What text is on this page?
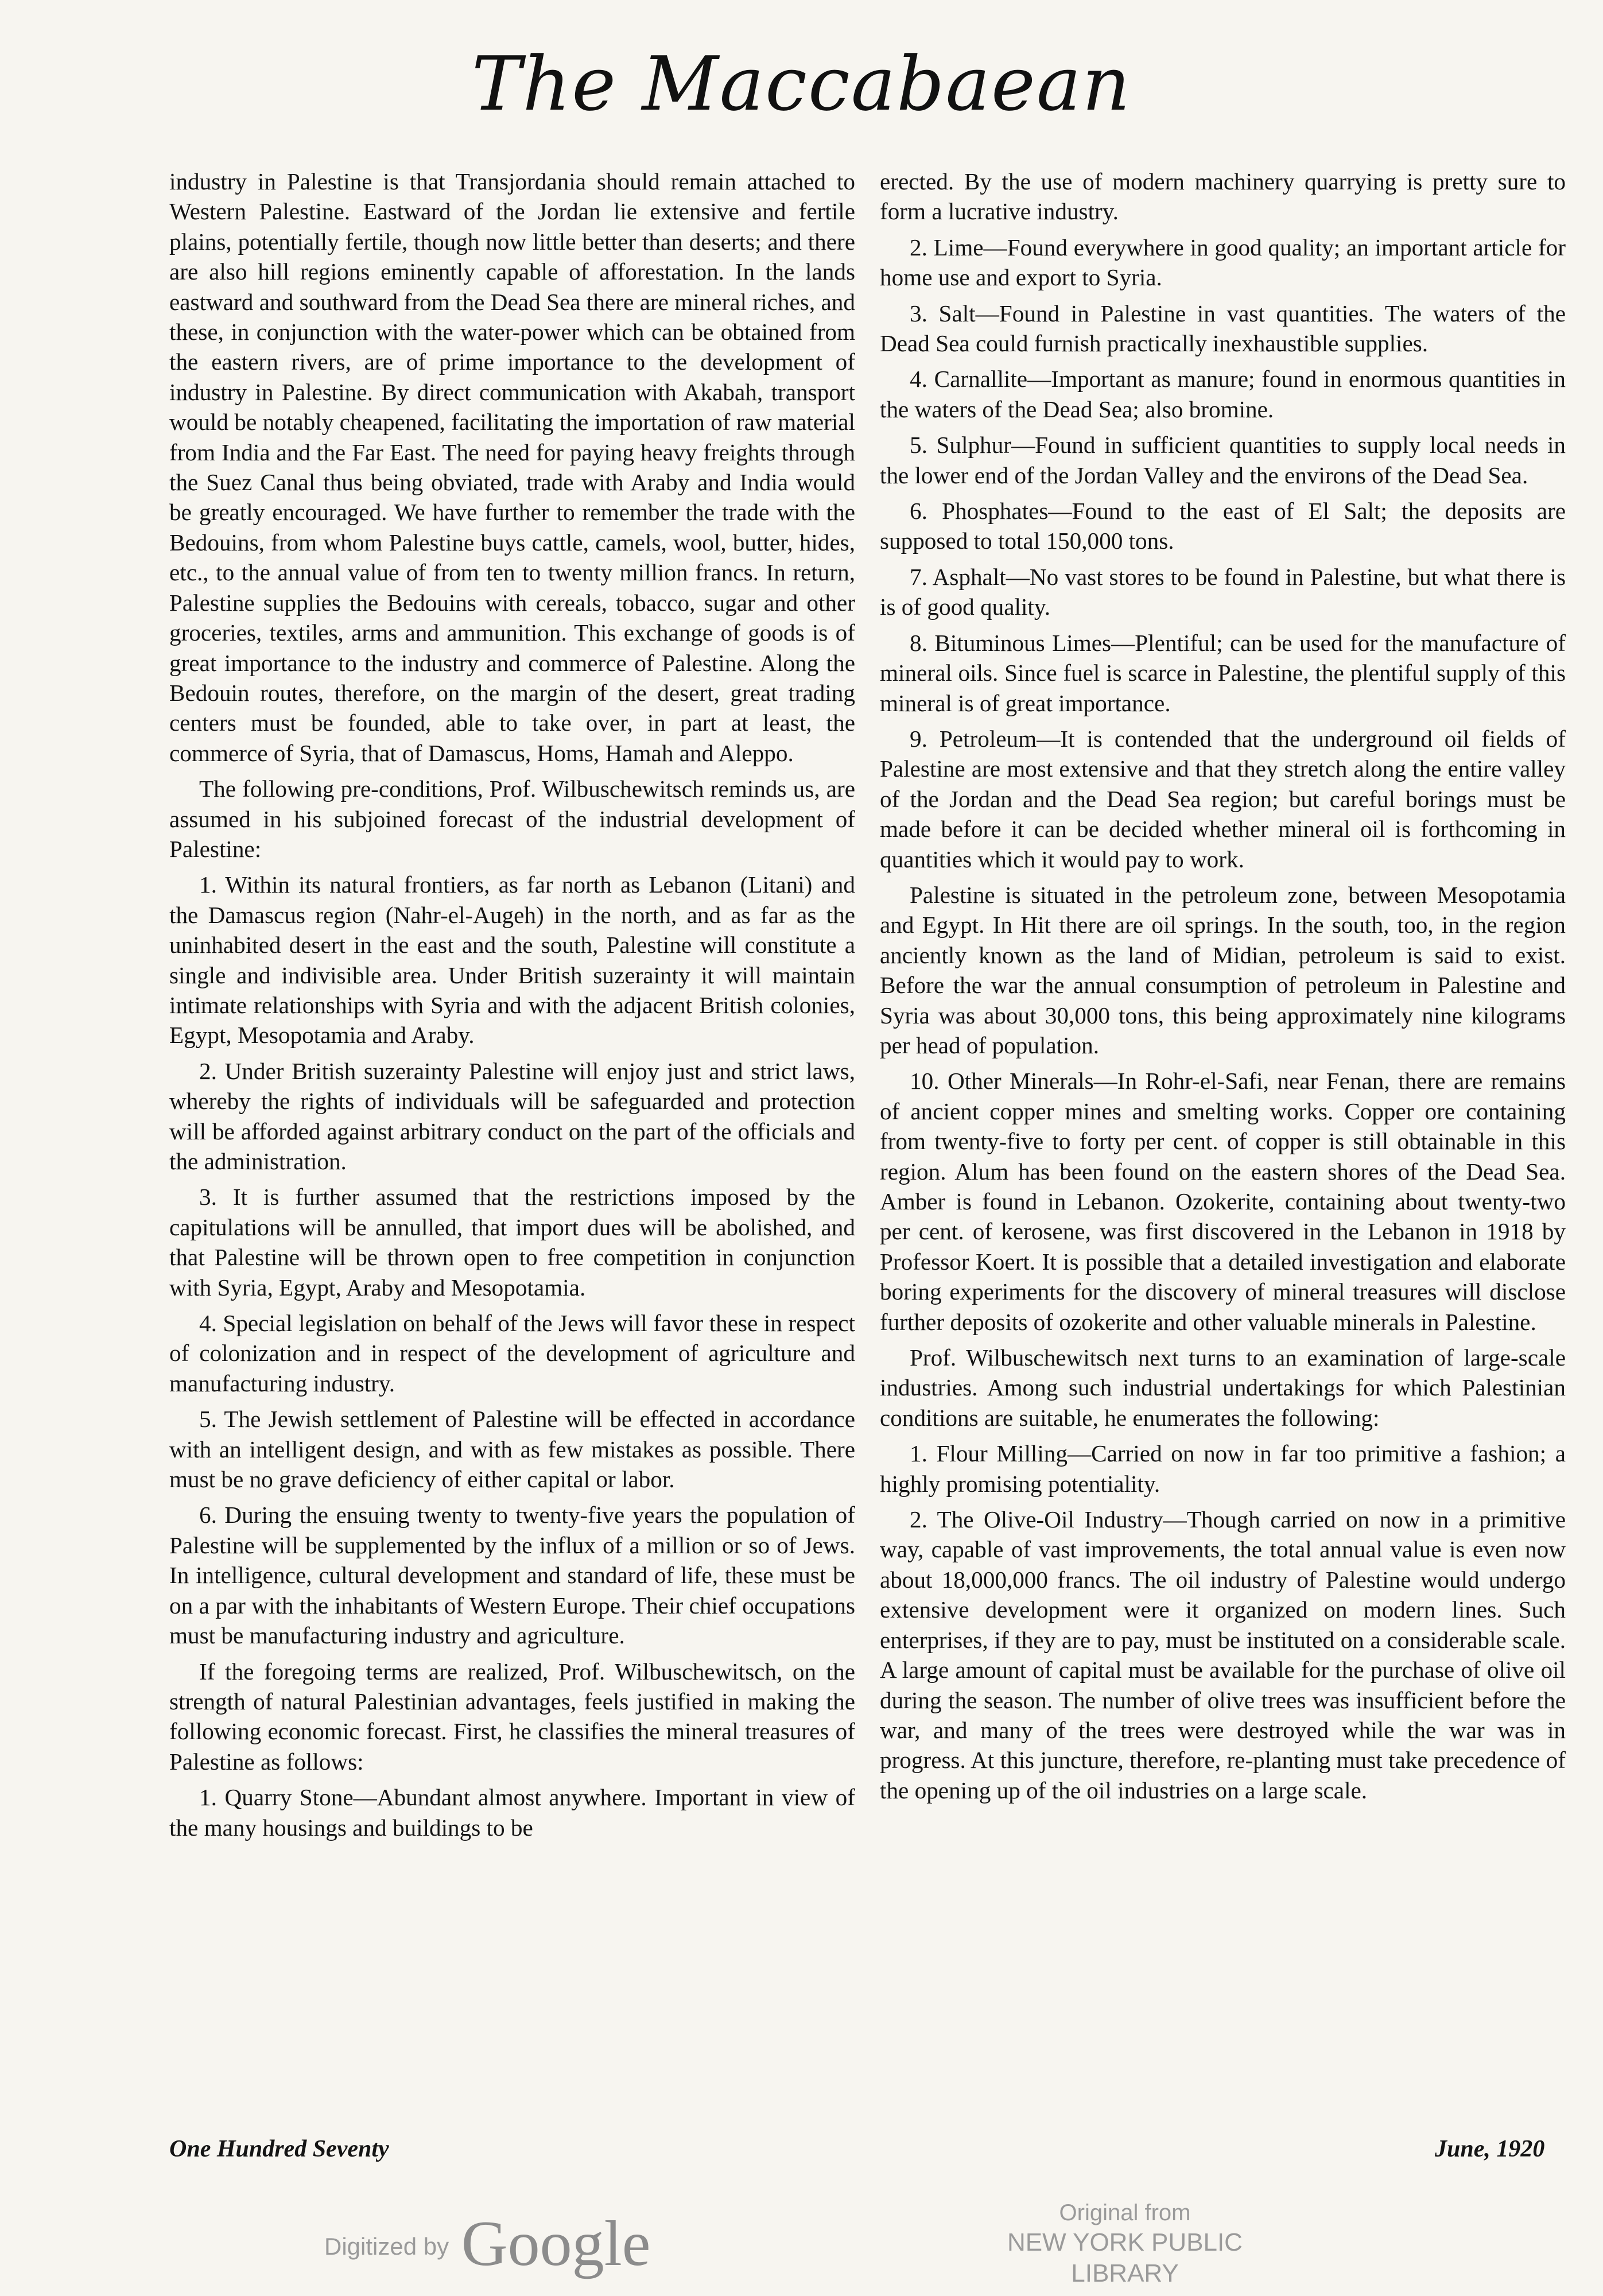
The Maccabaean

industry in Palestine is that Transjordania should remain attached to Western Palestine. Eastward of the Jordan lie extensive and fertile plains, potentially fertile, though now little better than deserts; and there are also hill regions eminently capable of afforestation. In the lands eastward and southward from the Dead Sea there are mineral riches, and these, in conjunction with the water-power which can be obtained from the eastern rivers, are of prime importance to the development of industry in Palestine. By direct communication with Akabah, transport would be notably cheapened, facilitating the importation of raw material from India and the Far East. The need for paying heavy freights through the Suez Canal thus being obviated, trade with Araby and India would be greatly encouraged. We have further to remember the trade with the Bedouins, from whom Palestine buys cattle, camels, wool, butter, hides, etc., to the annual value of from ten to twenty million francs. In return, Palestine supplies the Bedouins with cereals, tobacco, sugar and other groceries, textiles, arms and ammunition. This exchange of goods is of great importance to the industry and commerce of Palestine. Along the Bedouin routes, therefore, on the margin of the desert, great trading centers must be founded, able to take over, in part at least, the commerce of Syria, that of Damascus, Homs, Hamah and Aleppo.

The following pre-conditions, Prof. Wilbuschewitsch reminds us, are assumed in his subjoined forecast of the industrial development of Palestine:

1. Within its natural frontiers, as far north as Lebanon (Litani) and the Damascus region (Nahr-el-Augeh) in the north, and as far as the uninhabited desert in the east and the south, Palestine will constitute a single and indivisible area. Under British suzerainty it will maintain intimate relationships with Syria and with the adjacent British colonies, Egypt, Mesopotamia and Araby.

2. Under British suzerainty Palestine will enjoy just and strict laws, whereby the rights of individuals will be safeguarded and protection will be afforded against arbitrary conduct on the part of the officials and the administration.

3. It is further assumed that the restrictions imposed by the capitulations will be annulled, that import dues will be abolished, and that Palestine will be thrown open to free competition in conjunction with Syria, Egypt, Araby and Mesopotamia.

4. Special legislation on behalf of the Jews will favor these in respect of colonization and in respect of the development of agriculture and manufacturing industry.

5. The Jewish settlement of Palestine will be effected in accordance with an intelligent design, and with as few mistakes as possible. There must be no grave deficiency of either capital or labor.

6. During the ensuing twenty to twenty-five years the population of Palestine will be supplemented by the influx of a million or so of Jews. In intelligence, cultural development and standard of life, these must be on a par with the inhabitants of Western Europe. Their chief occupations must be manufacturing industry and agriculture.

If the foregoing terms are realized, Prof. Wilbuschewitsch, on the strength of natural Palestinian advantages, feels justified in making the following economic forecast. First, he classifies the mineral treasures of Palestine as follows:

1. Quarry Stone—Abundant almost anywhere. Important in view of the many housings and buildings to be

erected. By the use of modern machinery quarrying is pretty sure to form a lucrative industry.

2. Lime—Found everywhere in good quality; an important article for home use and export to Syria.

3. Salt—Found in Palestine in vast quantities. The waters of the Dead Sea could furnish practically inexhaustible supplies.

4. Carnallite—Important as manure; found in enormous quantities in the waters of the Dead Sea; also bromine.

5. Sulphur—Found in sufficient quantities to supply local needs in the lower end of the Jordan Valley and the environs of the Dead Sea.

6. Phosphates—Found to the east of El Salt; the deposits are supposed to total 150,000 tons.

7. Asphalt—No vast stores to be found in Palestine, but what there is is of good quality.

8. Bituminous Limes—Plentiful; can be used for the manufacture of mineral oils. Since fuel is scarce in Palestine, the plentiful supply of this mineral is of great importance.

9. Petroleum—It is contended that the underground oil fields of Palestine are most extensive and that they stretch along the entire valley of the Jordan and the Dead Sea region; but careful borings must be made before it can be decided whether mineral oil is forthcoming in quantities which it would pay to work.

Palestine is situated in the petroleum zone, between Mesopotamia and Egypt. In Hit there are oil springs. In the south, too, in the region anciently known as the land of Midian, petroleum is said to exist. Before the war the annual consumption of petroleum in Palestine and Syria was about 30,000 tons, this being approximately nine kilograms per head of population.

10. Other Minerals—In Rohr-el-Safi, near Fenan, there are remains of ancient copper mines and smelting works. Copper ore containing from twenty-five to forty per cent. of copper is still obtainable in this region. Alum has been found on the eastern shores of the Dead Sea. Amber is found in Lebanon. Ozokerite, containing about twenty-two per cent. of kerosene, was first discovered in the Lebanon in 1918 by Professor Koert. It is possible that a detailed investigation and elaborate boring experiments for the discovery of mineral treasures will disclose further deposits of ozokerite and other valuable minerals in Palestine.

Prof. Wilbuschewitsch next turns to an examination of large-scale industries. Among such industrial undertakings for which Palestinian conditions are suitable, he enumerates the following:

1. Flour Milling—Carried on now in far too primitive a fashion; a highly promising potentiality.

2. The Olive-Oil Industry—Though carried on now in a primitive way, capable of vast improvements, the total annual value is even now about 18,000,000 francs. The oil industry of Palestine would undergo extensive development were it organized on modern lines. Such enterprises, if they are to pay, must be instituted on a considerable scale. A large amount of capital must be available for the purchase of olive oil during the season. The number of olive trees was insufficient before the war, and many of the trees were destroyed while the war was in progress. At this juncture, therefore, re-planting must take precedence of the opening up of the oil industries on a large scale.

One Hundred Seventy	June, 1920
Digitized by Google	Original from
NEW YORK PUBLIC LIBRARY
